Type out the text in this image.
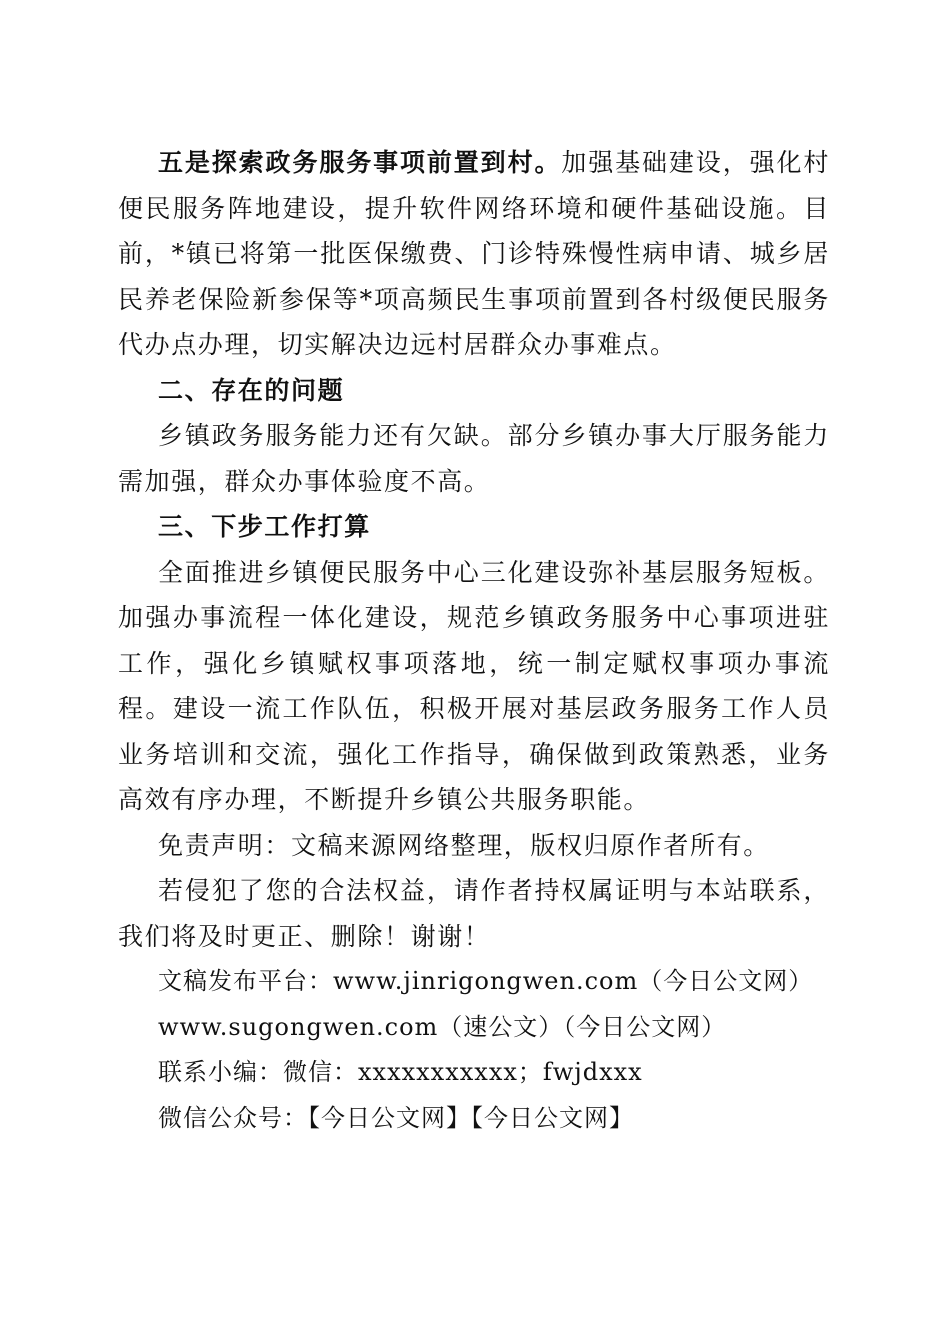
五是探索政务服务事项前置到村。加强基础建设，强化村便民服务阵地建设，提升软件网络环境和硬件基础设施。目前，*镇已将第一批医保缴费、门诊特殊慢性病申请、城乡居民养老保险新参保等*项高频民生事项前置到各村级便民服务代办点办理，切实解决边远村居群众办事难点。

二、存在的问题

乡镇政务服务能力还有欠缺。部分乡镇办事大厅服务能力需加强，群众办事体验度不高。

三、下步工作打算

全面推进乡镇便民服务中心三化建设弥补基层服务短板。加强办事流程一体化建设，规范乡镇政务服务中心事项进驻工作，强化乡镇赋权事项落地，统一制定赋权事项办事流程。建设一流工作队伍，积极开展对基层政务服务工作人员业务培训和交流，强化工作指导，确保做到政策熟悉，业务高效有序办理，不断提升乡镇公共服务职能。

免责声明：文稿来源网络整理，版权归原作者所有。

若侵犯了您的合法权益，请作者持权属证明与本站联系，我们将及时更正、删除！谢谢！

文稿发布平台：www.jinrigongwen.com（今日公文网）

www.sugongwen.com（速公文）（今日公文网）

联系小编：微信：xxxxxxxxxxx；fwjdxxx

微信公众号：【今日公文网】【今日公文网】
